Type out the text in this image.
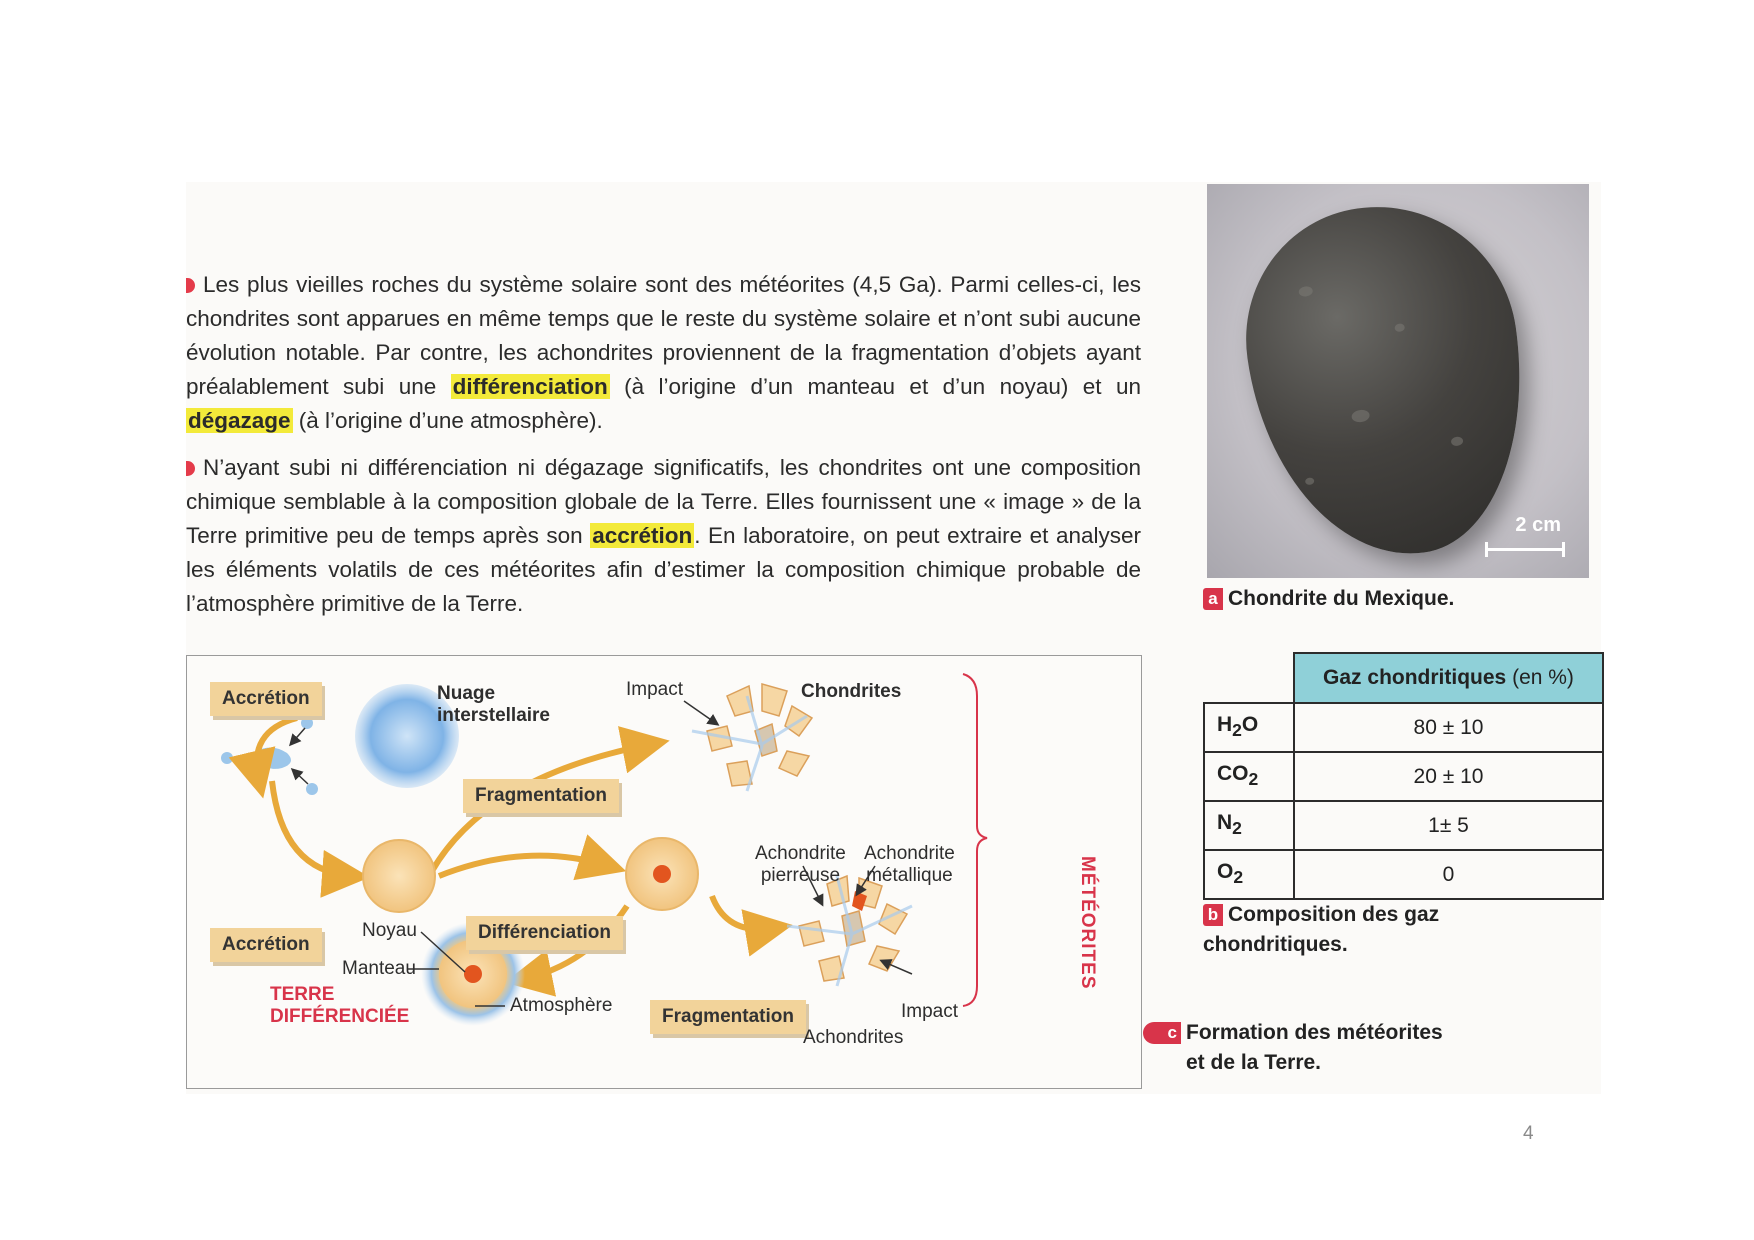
Les plus vieilles roches du système solaire sont des météorites (4,5 Ga). Parmi celles-ci, les chondrites sont apparues en même temps que le reste du système solaire et n’ont subi aucune évolution notable. Par contre, les achondrites proviennent de la fragmentation d’objets ayant préalablement subi une différenciation (à l’origine d’un manteau et d’un noyau) et un dégazage (à l’origine d’une atmosphère).

N’ayant subi ni différenciation ni dégazage significatifs, les chondrites ont une composition chimique semblable à la composition globale de la Terre. Elles fournissent une « image » de la Terre primitive peu de temps après son accrétion. En laboratoire, on peut extraire et analyser les éléments volatils de ces météorites afin d’estimer la composition chimique probable de l’atmosphère primitive de la Terre.

2 cm
a Chondrite du Mexique.
	Gaz chondritiques (en %)
$H_2O$	80 ± 10
$CO_2$	20 ± 10
$N_2$	1± 5
$O_2$	0
b Composition des gaz
chondritiques.
Accrétion
Accrétion
Fragmentation
Différenciation
Fragmentation
Nuage
interstellaire
Impact	Chondrites
Achondrite
pierreuse
Achondrite
métallique
Impact
Achondrites
Noyau
Manteau
Atmosphère
TERRE
DIFFÉRENCIÉE
MÉTÉORITES
c Formation des météorites
et de la Terre.
4
